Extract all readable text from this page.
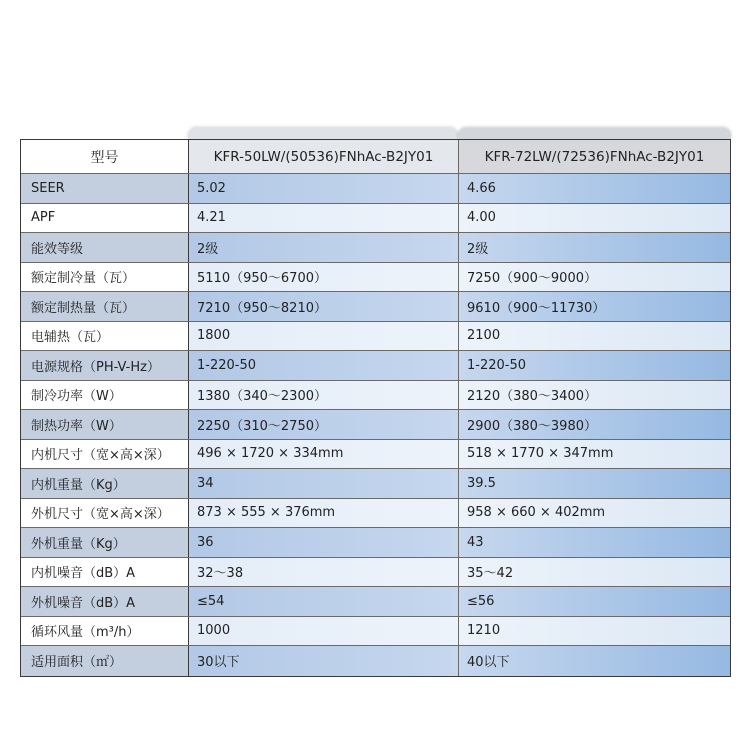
型号	KFR-50LW/(50536)FNhAc-B2JY01	KFR-72LW/(72536)FNhAc-B2JY01
SEER	5.02	4.66
APF	4.21	4.00
能效等级	2级	2级
额定制冷量（瓦）	5110（950～6700）	7250（900～9000）
额定制热量（瓦）	7210（950～8210）	9610（900～11730）
电辅热（瓦）	1800	2100
电源规格（PH-V-Hz）	1-220-50	1-220-50
制冷功率（W）	1380（340～2300）	2120（380～3400）
制热功率（W）	2250（310～2750）	2900（380～3980）
内机尺寸（宽×高×深）	496 × 1720 × 334mm	518 × 1770 × 347mm
内机重量（Kg）	34	39.5
外机尺寸（宽×高×深）	873 × 555 × 376mm	958 × 660 × 402mm
外机重量（Kg）	36	43
内机噪音（dB）A	32～38	35～42
外机噪音（dB）A	≤54	≤56
循环风量（m³/h）	1000	1210
适用面积（㎡）	30以下	40以下
